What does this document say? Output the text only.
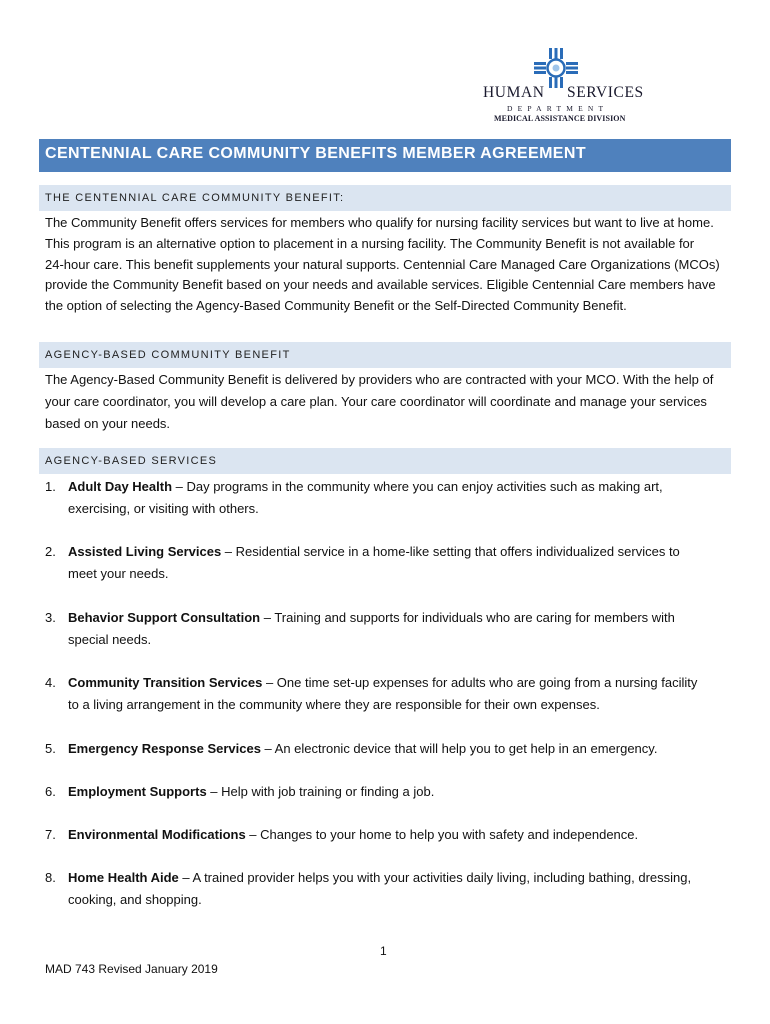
HUMAN SERVICES
DEPARTMENT
MEDICAL ASSISTANCE DIVISION
CENTENNIAL CARE COMMUNITY BENEFITS MEMBER AGREEMENT
THE CENTENNIAL CARE COMMUNITY BENEFIT:

The Community Benefit offers services for members who qualify for nursing facility services but want to live at home. This program is an alternative option to placement in a nursing facility. The Community Benefit is not available for 24‑hour care. This benefit supplements your natural supports. Centennial Care Managed Care Organizations (MCOs) provide the Community Benefit based on your needs and available services. Eligible Centennial Care members have the option of selecting the Agency‑Based Community Benefit or the Self-Directed Community Benefit.

AGENCY-BASED COMMUNITY BENEFIT

The Agency-Based Community Benefit is delivered by providers who are contracted with your MCO. With the help of your care coordinator, you will develop a care plan. Your care coordinator will coordinate and manage your services based on your needs.

AGENCY-BASED SERVICES
1. Adult Day Health – Day programs in the community where you can enjoy activities such as making art, exercising, or visiting with others.
2. Assisted Living Services – Residential service in a home‑like setting that offers individualized services to meet your needs.
3. Behavior Support Consultation – Training and supports for individuals who are caring for members with special needs.
4. Community Transition Services – One time set-up expenses for adults who are going from a nursing facility to a living arrangement in the community where they are responsible for their own expenses.
5. Emergency Response Services – An electronic device that will help you to get help in an emergency.
6. Employment Supports – Help with job training or finding a job.
7. Environmental Modifications – Changes to your home to help you with safety and independence.
8. Home Health Aide – A trained provider helps you with your activities daily living, including bathing, dressing, cooking, and shopping.
1
MAD 743 Revised January 2019
